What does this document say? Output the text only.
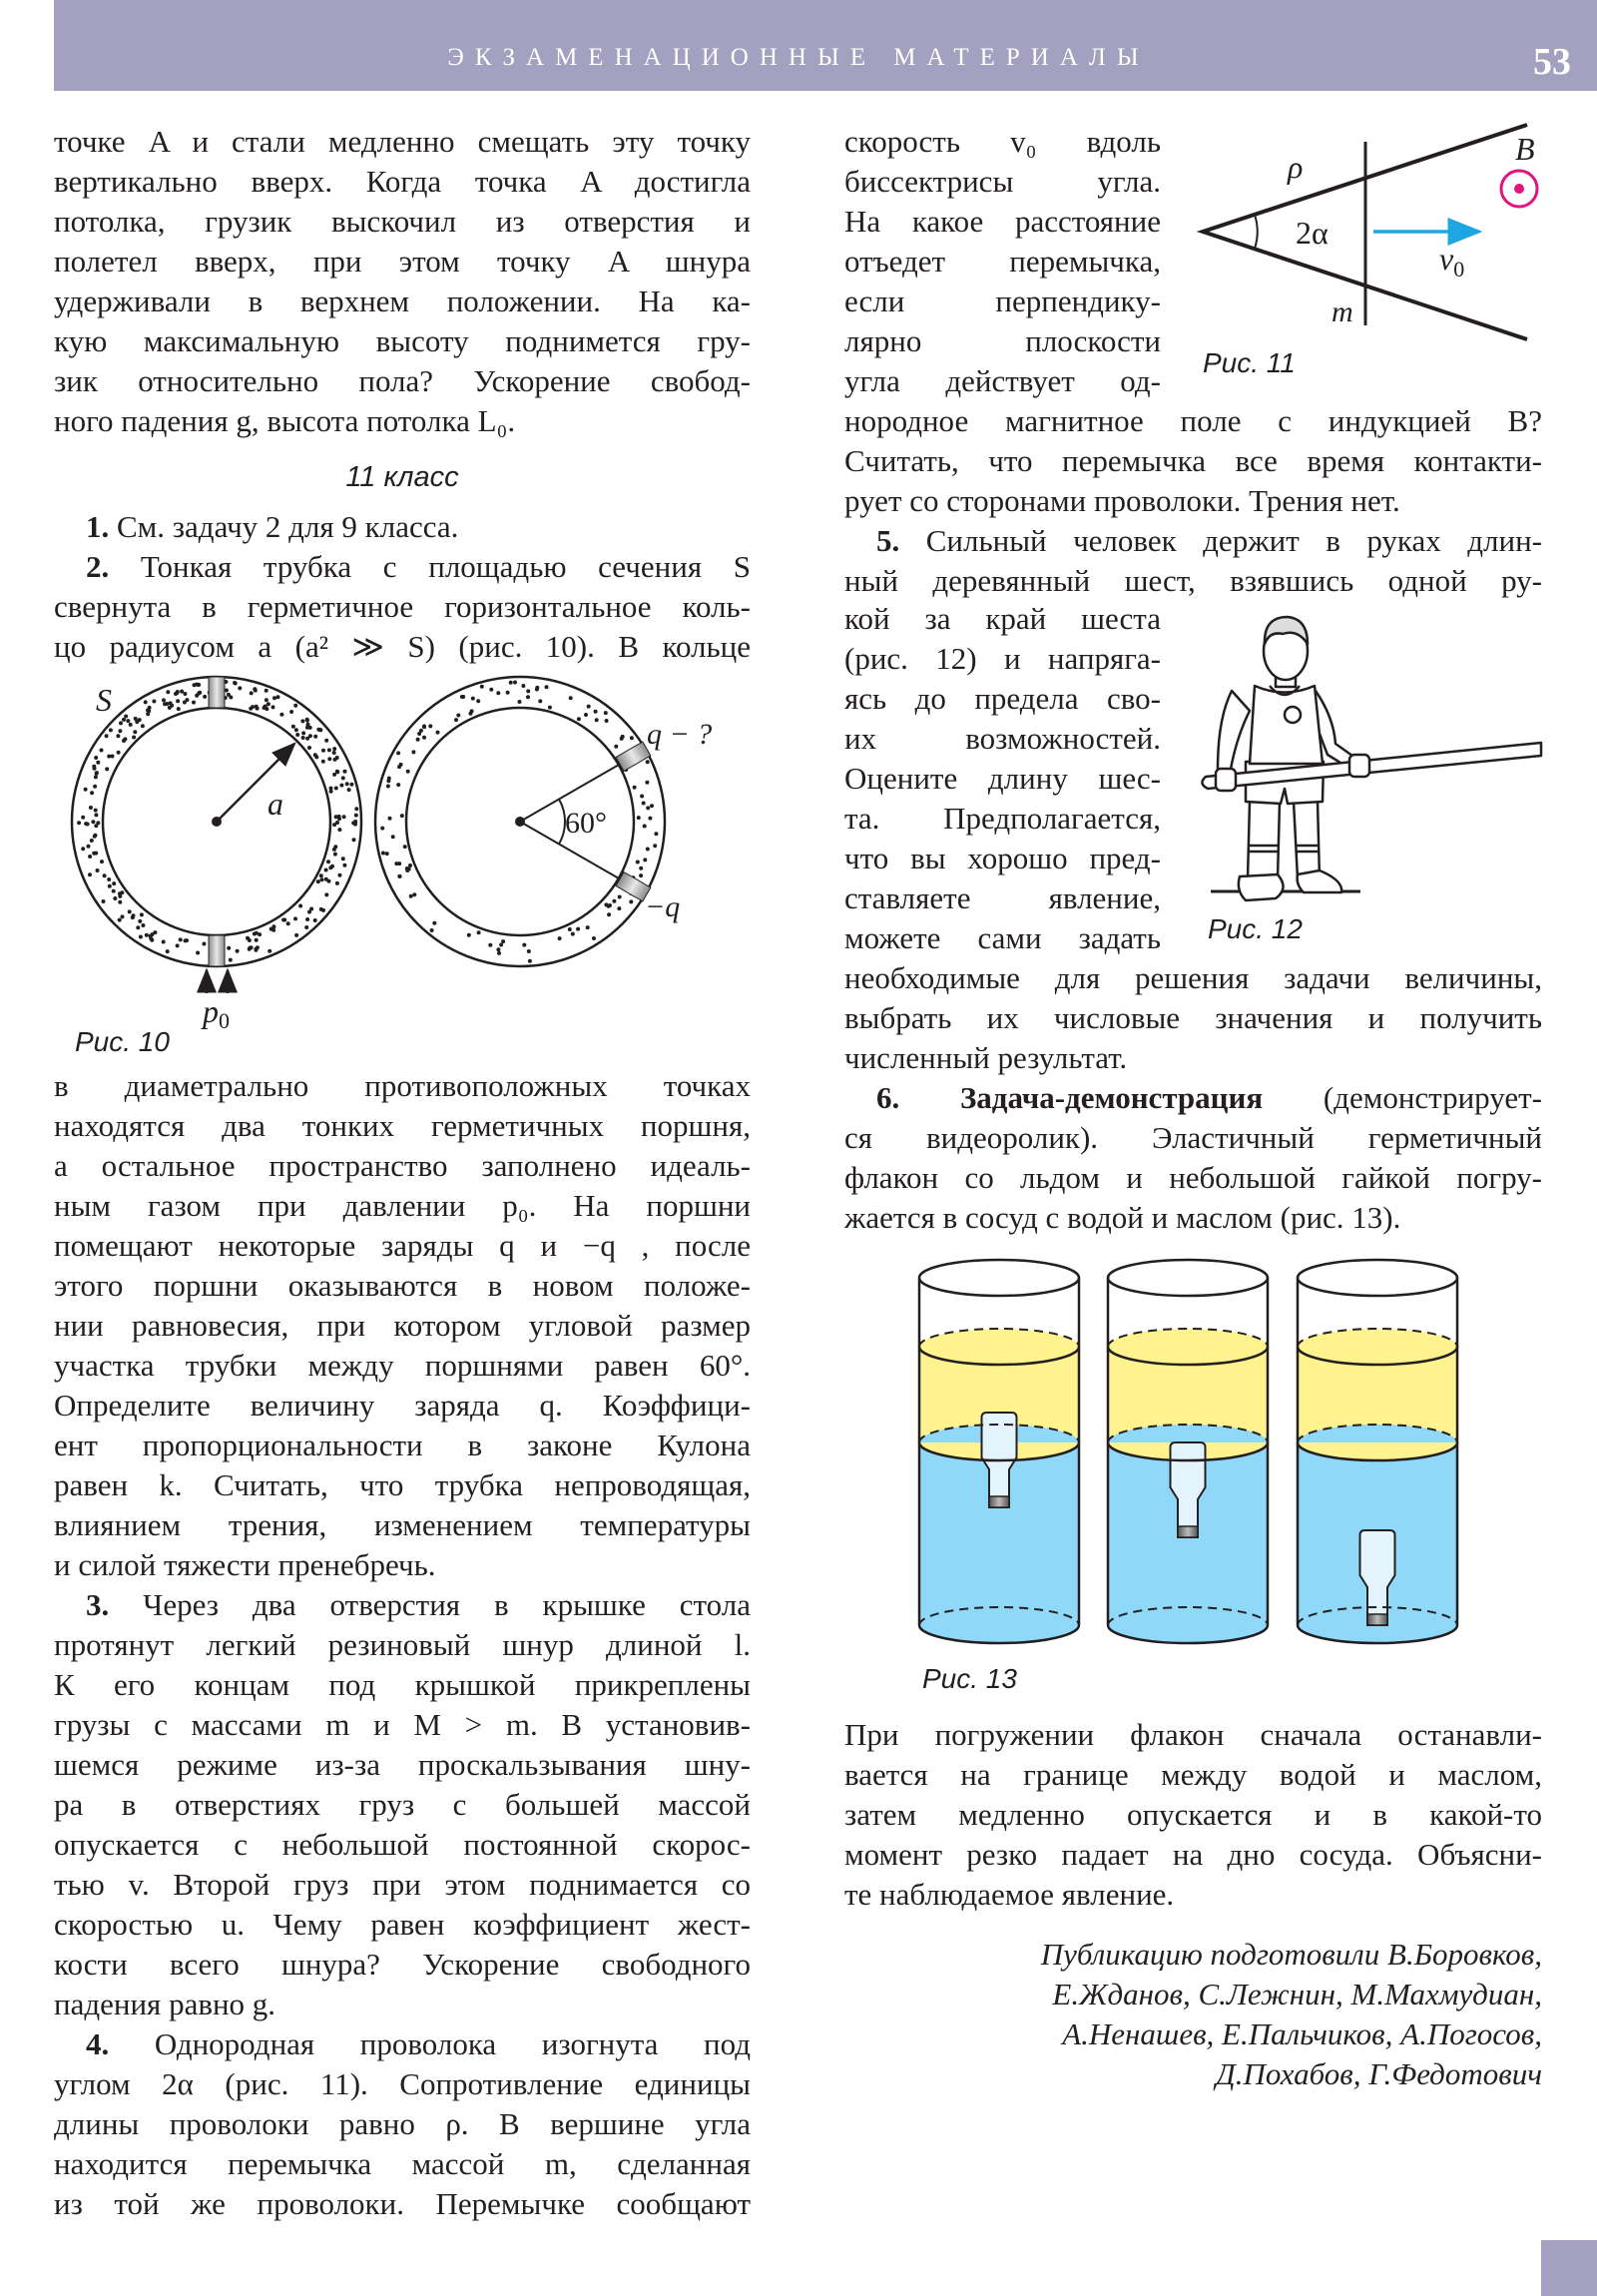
ЭКЗАМЕНАЦИОННЫЕ МАТЕРИАЛЫ	53
точке A и стали медленно смещать эту точку
вертикально вверх. Когда точка A достигла
потолка, грузик выскочил из отверстия и
полетел вверх, при этом точку A шнура
удерживали в верхнем положении. На ка-
кую максимальную высоту поднимется гру-
зик относительно пола? Ускорение свобод-
ного падения g, высота потолка L₀.
11 класс
1. См. задачу 2 для 9 класса.
2. Тонкая трубка с площадью сечения S
свернута в герметичное горизонтальное коль-
цо радиусом a (a² ≫ S) (рис. 10). В кольце
в диаметрально противоположных точках
находятся два тонких герметичных поршня,
а остальное пространство заполнено идеаль-
ным газом при давлении p₀. На поршни
помещают некоторые заряды q и −q , после
этого поршни оказываются в новом положе-
нии равновесия, при котором угловой размер
участка трубки между поршнями равен 60°.
Определите величину заряда q. Коэффици-
ент пропорциональности в законе Кулона
равен k. Считать, что трубка непроводящая,
влиянием трения, изменением температуры
и силой тяжести пренебречь.
3. Через два отверстия в крышке стола
протянут легкий резиновый шнур длиной l.
К его концам под крышкой прикреплены
грузы с массами m и M > m. В установив-
шемся режиме из-за проскальзывания шну-
ра в отверстиях груз с большей массой
опускается с небольшой постоянной скорос-
тью v. Второй груз при этом поднимается со
скоростью u. Чему равен коэффициент жест-
кости всего шнура? Ускорение свободного
падения равно g.
4. Однородная проволока изогнута под
углом 2α (рис. 11). Сопротивление единицы
длины проволоки равно ρ. В вершине угла
находится перемычка массой m, сделанная
из той же проволоки. Перемычке сообщают
скорость v₀ вдоль
биссектрисы угла.
На какое расстояние
отъедет перемычка,
если перпендику-
лярно плоскости
угла действует од-
нородное магнитное поле с индукцией B?
Считать, что перемычка все время контакти-
рует со сторонами проволоки. Трения нет.
5. Сильный человек держит в руках длин-
ный деревянный шест, взявшись одной ру-
кой за край шеста
(рис. 12) и напряга-
ясь до предела сво-
их возможностей.
Оцените длину шес-
та. Предполагается,
что вы хорошо пред-
ставляете явление,
можете сами задать
необходимые для решения задачи величины,
выбрать их числовые значения и получить
численный результат.
6. Задача-демонстрация (демонстрирует-
ся видеоролик). Эластичный герметичный
флакон со льдом и небольшой гайкой погру-
жается в сосуд с водой и маслом (рис. 13).
При погружении флакон сначала останавли-
вается на границе между водой и маслом,
затем медленно опускается и в какой-то
момент резко падает на дно сосуда. Объясни-
те наблюдаемое явление.
Публикацию подготовили В.Боровков,
Е.Жданов, С.Лежнин, М.Махмудиан,
А.Ненашев, Е.Пальчиков, А.Погосов,
Д.Похабов, Г.Федотович
Рис. 10
Рис. 11
Рис. 12
Рис. 13
S
a
p0
60°
q − ?
−q
ρ
2α
$v_0$
m
B
